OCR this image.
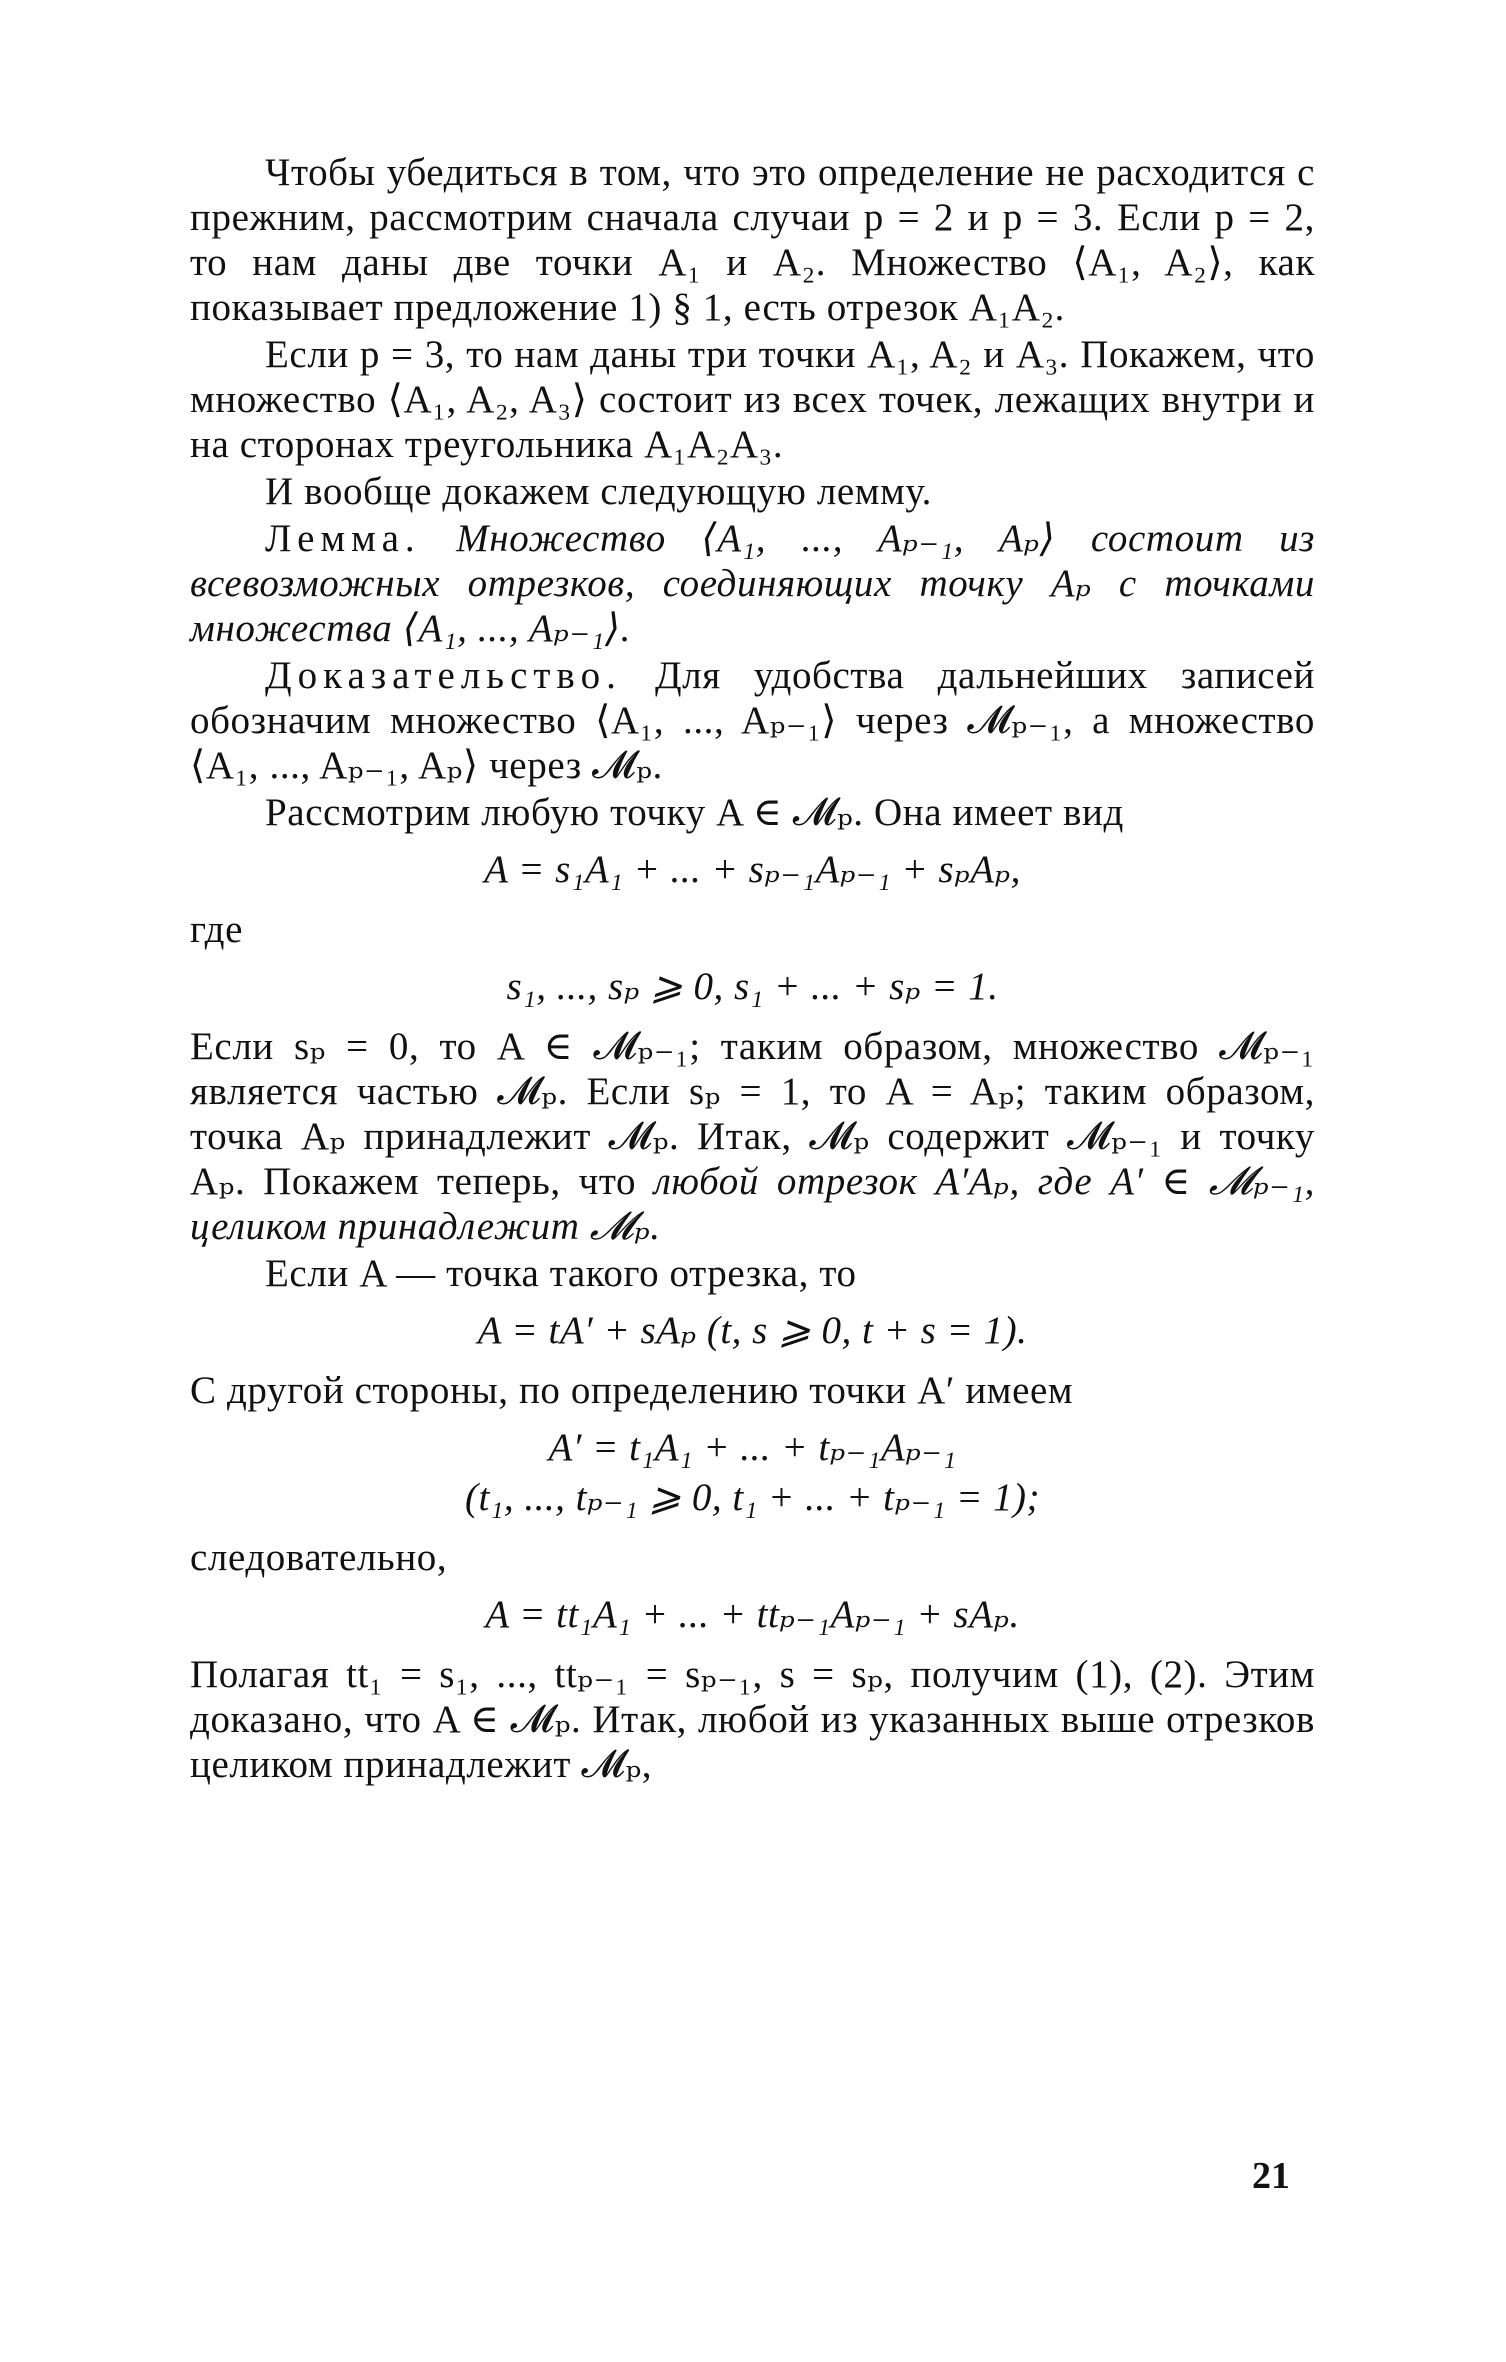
Чтобы убедиться в том, что это определение не расходится с прежним, рассмотрим сначала случаи p = 2 и p = 3. Если p = 2, то нам даны две точки A₁ и A₂. Множество ⟨A₁, A₂⟩, как показывает предложение 1) § 1, есть отрезок A₁A₂.

Если p = 3, то нам даны три точки A₁, A₂ и A₃. Покажем, что множество ⟨A₁, A₂, A₃⟩ состоит из всех точек, лежащих внутри и на сторонах треугольника A₁A₂A₃.

И вообще докажем следующую лемму.

Лемма. Множество ⟨A₁, ..., Aₚ₋₁, Aₚ⟩ состоит из всевозможных отрезков, соединяющих точку Aₚ с точками множества ⟨A₁, ..., Aₚ₋₁⟩.

Доказательство. Для удобства дальнейших записей обозначим множество ⟨A₁, ..., Aₚ₋₁⟩ через 𝓜ₚ₋₁, а множество ⟨A₁, ..., Aₚ₋₁, Aₚ⟩ через 𝓜ₚ.

Рассмотрим любую точку A ∈ 𝓜ₚ. Она имеет вид

A = s₁A₁ + ... + sₚ₋₁Aₚ₋₁ + sₚAₚ,

где

s₁, ..., sₚ ⩾ 0, s₁ + ... + sₚ = 1.

Если sₚ = 0, то A ∈ 𝓜ₚ₋₁; таким образом, множество 𝓜ₚ₋₁ является частью 𝓜ₚ. Если sₚ = 1, то A = Aₚ; таким образом, точка Aₚ принадлежит 𝓜ₚ. Итак, 𝓜ₚ содержит 𝓜ₚ₋₁ и точку Aₚ. Покажем теперь, что любой отрезок A′Aₚ, где A′ ∈ 𝓜ₚ₋₁, целиком принадлежит 𝓜ₚ.

Если A — точка такого отрезка, то

A = tA′ + sAₚ (t, s ⩾ 0, t + s = 1).

С другой стороны, по определению точки A′ имеем

A′ = t₁A₁ + ... + tₚ₋₁Aₚ₋₁
(t₁, ..., tₚ₋₁ ⩾ 0, t₁ + ... + tₚ₋₁ = 1);

следовательно,

A = tt₁A₁ + ... + ttₚ₋₁Aₚ₋₁ + sAₚ.

Полагая tt₁ = s₁, ..., ttₚ₋₁ = sₚ₋₁, s = sₚ, получим (1), (2). Этим доказано, что A ∈ 𝓜ₚ. Итак, любой из указанных выше отрезков целиком принадлежит 𝓜ₚ,

21
